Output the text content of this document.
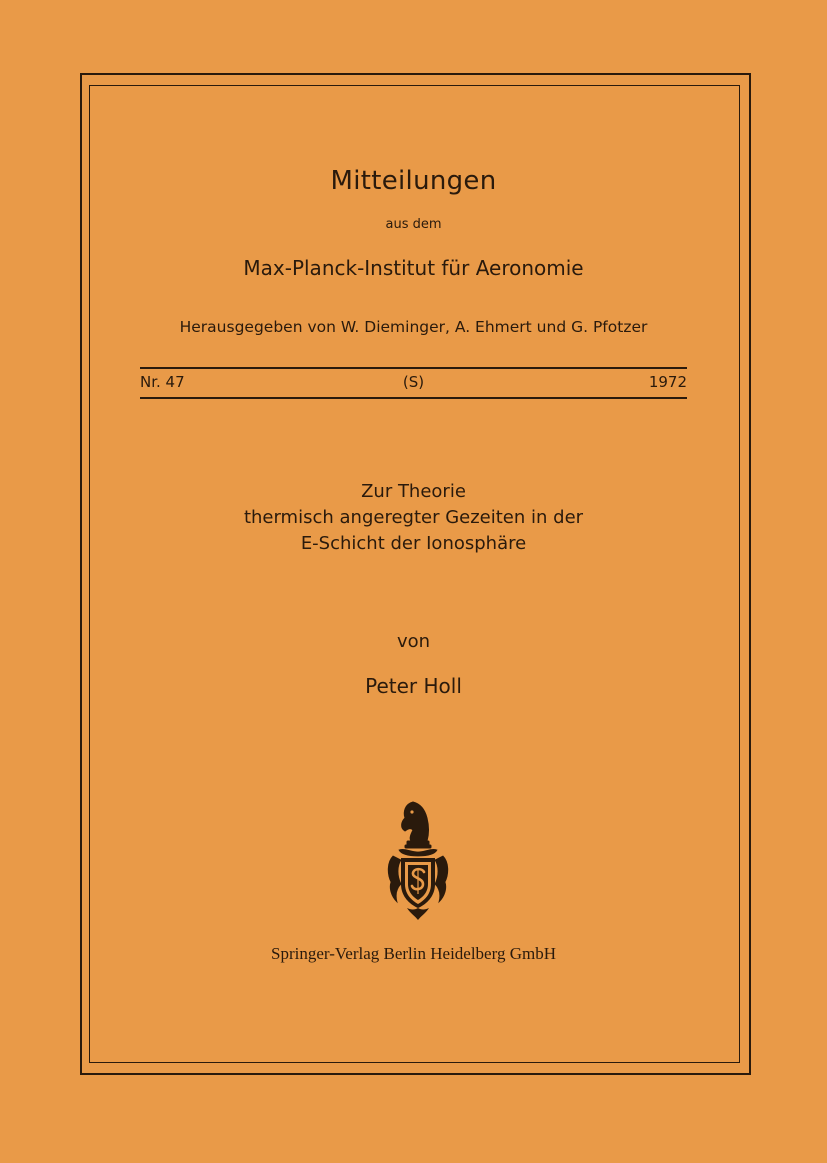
Mitteilungen
aus dem
Max-Planck-Institut für Aeronomie
Herausgegeben von W. Dieminger, A. Ehmert und G. Pfotzer
Nr. 47	(S)	1972
Zur Theorie
thermisch angeregter Gezeiten in der
E-Schicht der Ionosphäre
von
Peter Holl
Springer-Verlag Berlin Heidelberg GmbH
